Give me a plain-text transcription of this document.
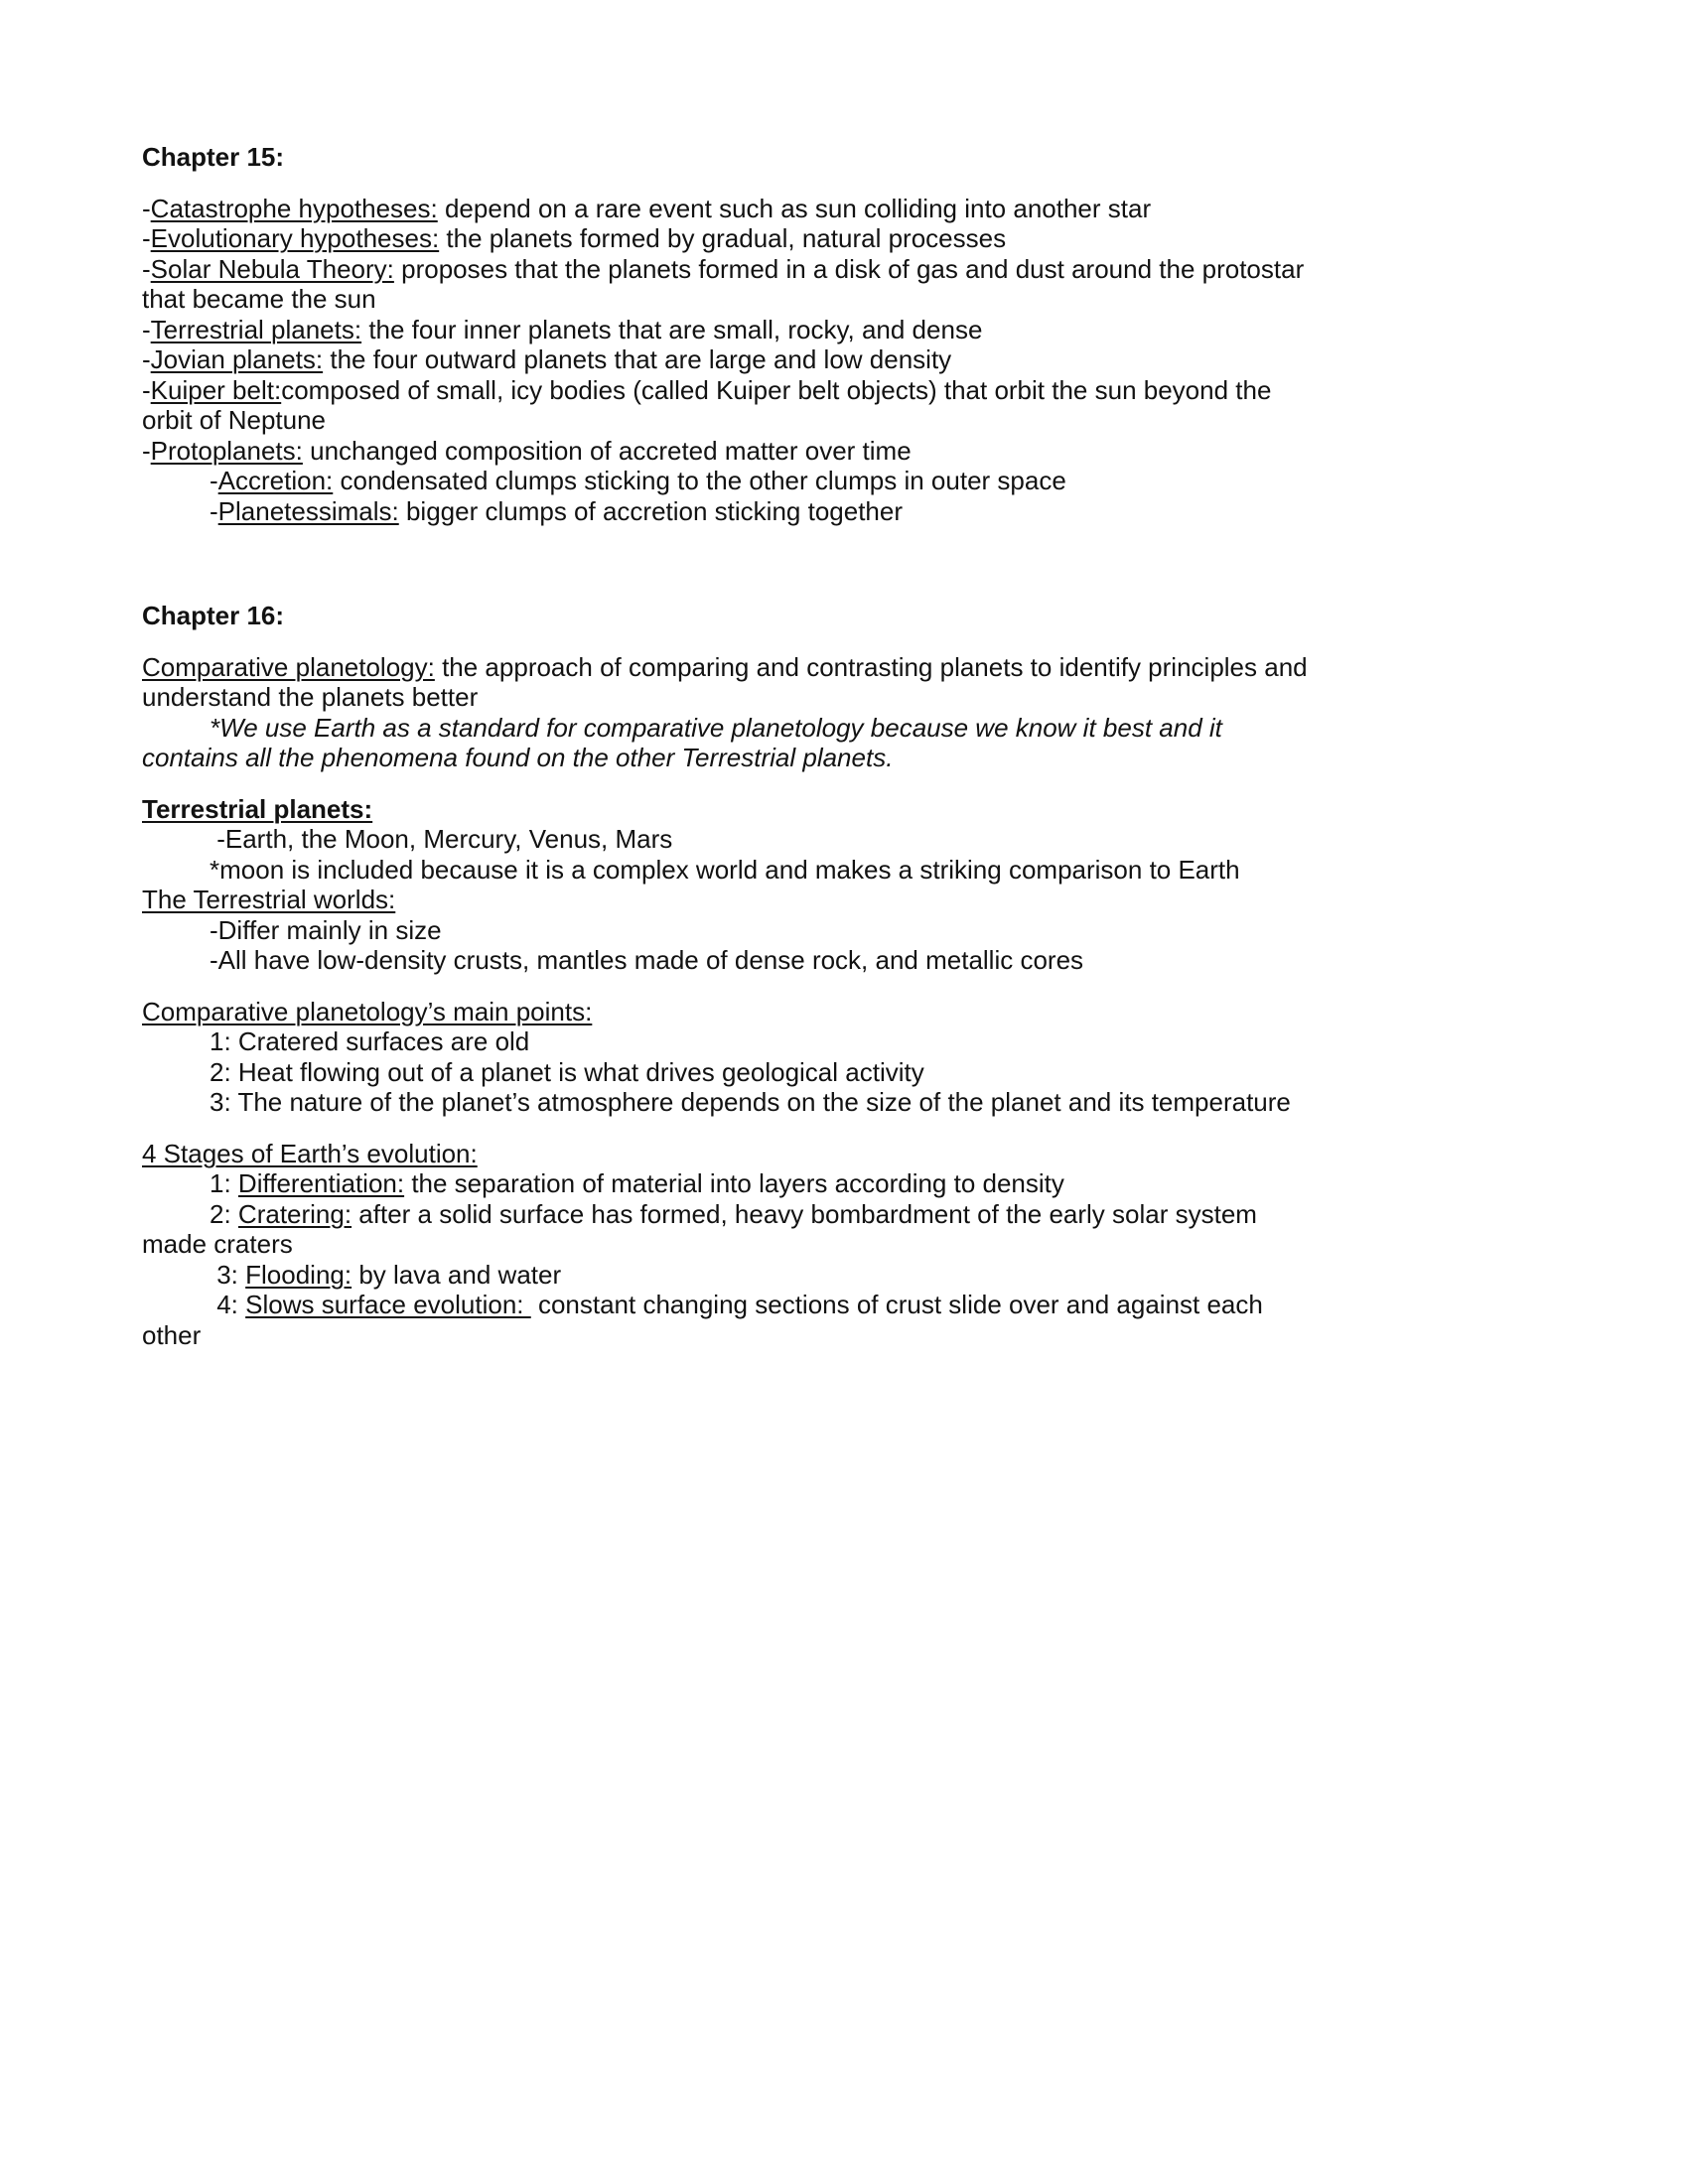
Chapter 15:
-Catastrophe hypotheses: depend on a rare event such as sun colliding into another star
-Evolutionary hypotheses: the planets formed by gradual, natural processes
-Solar Nebula Theory: proposes that the planets formed in a disk of gas and dust around the protostar
that became the sun
-Terrestrial planets: the four inner planets that are small, rocky, and dense
-Jovian planets: the four outward planets that are large and low density
-Kuiper belt:composed of small, icy bodies (called Kuiper belt objects) that orbit the sun beyond the
orbit of Neptune
-Protoplanets: unchanged composition of accreted matter over time
-Accretion: condensated clumps sticking to the other clumps in outer space
-Planetessimals: bigger clumps of accretion sticking together
Chapter 16:
Comparative planetology: the approach of comparing and contrasting planets to identify principles and
understand the planets better
*We use Earth as a standard for comparative planetology because we know it best and it
contains all the phenomena found on the other Terrestrial planets.
Terrestrial planets:
-Earth, the Moon, Mercury, Venus, Mars
*moon is included because it is a complex world and makes a striking comparison to Earth
The Terrestrial worlds:
-Differ mainly in size
-All have low-density crusts, mantles made of dense rock, and metallic cores
Comparative planetology’s main points:
1: Cratered surfaces are old
2: Heat flowing out of a planet is what drives geological activity
3: The nature of the planet’s atmosphere depends on the size of the planet and its temperature
4 Stages of Earth’s evolution:
1: Differentiation: the separation of material into layers according to density
2: Cratering: after a solid surface has formed, heavy bombardment of the early solar system
made craters
3: Flooding: by lava and water
4: Slows surface evolution:  constant changing sections of crust slide over and against each
other
